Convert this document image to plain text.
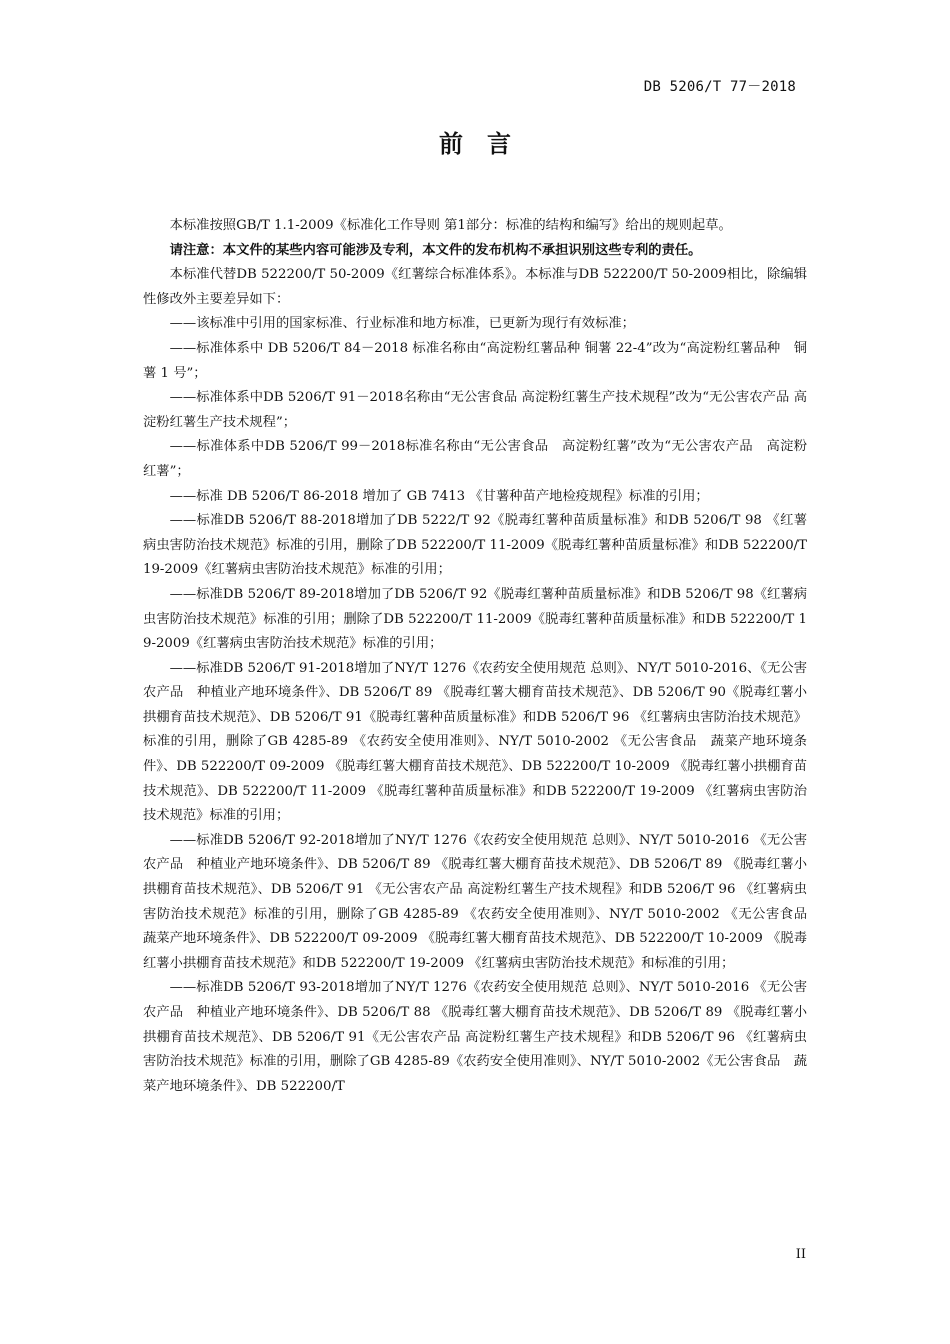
DB 5206/T 77－2018
前言

本标准按照GB/T 1.1-2009《标准化工作导则 第1部分：标准的结构和编写》给出的规则起草。

请注意：本文件的某些内容可能涉及专利，本文件的发布机构不承担识别这些专利的责任。

本标准代替DB 522200/T 50-2009《红薯综合标准体系》。本标准与DB 522200/T 50-2009相比，除编辑性修改外主要差异如下：

——该标准中引用的国家标准、行业标准和地方标准，已更新为现行有效标准；

——标准体系中 DB 5206/T 84－2018 标准名称由“高淀粉红薯品种 铜薯 22-4”改为“高淀粉红薯品种　铜薯 1 号”；

——标准体系中DB 5206/T 91－2018名称由“无公害食品 高淀粉红薯生产技术规程”改为“无公害农产品 高淀粉红薯生产技术规程”；

——标准体系中DB 5206/T 99－2018标准名称由“无公害食品　高淀粉红薯”改为“无公害农产品　高淀粉红薯”；

——标准 DB 5206/T 86-2018 增加了 GB 7413 《甘薯种苗产地检疫规程》标准的引用；

——标准DB 5206/T 88-2018增加了DB 5222/T 92《脱毒红薯种苗质量标准》和DB 5206/T 98 《红薯病虫害防治技术规范》标准的引用，删除了DB 522200/T 11-2009《脱毒红薯种苗质量标准》和DB 522200/T 19-2009《红薯病虫害防治技术规范》标准的引用；

——标准DB 5206/T 89-2018增加了DB 5206/T 92《脱毒红薯种苗质量标准》和DB 5206/T 98《红薯病虫害防治技术规范》标准的引用；删除了DB 522200/T 11-2009《脱毒红薯种苗质量标准》和DB 522200/T 19-2009《红薯病虫害防治技术规范》标准的引用；

——标准DB 5206/T 91-2018增加了NY/T 1276《农药安全使用规范 总则》、NY/T 5010-2016、《无公害农产品　种植业产地环境条件》、DB 5206/T 89 《脱毒红薯大棚育苗技术规范》、DB 5206/T 90《脱毒红薯小拱棚育苗技术规范》、DB 5206/T 91《脱毒红薯种苗质量标准》和DB 5206/T 96 《红薯病虫害防治技术规范》标准的引用，删除了GB 4285-89 《农药安全使用准则》、NY/T 5010-2002 《无公害食品　蔬菜产地环境条件》、DB 522200/T 09-2009 《脱毒红薯大棚育苗技术规范》、DB 522200/T 10-2009 《脱毒红薯小拱棚育苗技术规范》、DB 522200/T 11-2009 《脱毒红薯种苗质量标准》和DB 522200/T 19-2009 《红薯病虫害防治技术规范》标准的引用；

——标准DB 5206/T 92-2018增加了NY/T 1276《农药安全使用规范 总则》、NY/T 5010-2016 《无公害农产品　种植业产地环境条件》、DB 5206/T 89 《脱毒红薯大棚育苗技术规范》、DB 5206/T 89 《脱毒红薯小拱棚育苗技术规范》、DB 5206/T 91 《无公害农产品 高淀粉红薯生产技术规程》和DB 5206/T 96 《红薯病虫害防治技术规范》标准的引用，删除了GB 4285-89 《农药安全使用准则》、NY/T 5010-2002 《无公害食品　蔬菜产地环境条件》、DB 522200/T 09-2009 《脱毒红薯大棚育苗技术规范》、DB 522200/T 10-2009 《脱毒红薯小拱棚育苗技术规范》和DB 522200/T 19-2009 《红薯病虫害防治技术规范》和标准的引用；

——标准DB 5206/T 93-2018增加了NY/T 1276《农药安全使用规范 总则》、NY/T 5010-2016 《无公害农产品　种植业产地环境条件》、DB 5206/T 88 《脱毒红薯大棚育苗技术规范》、DB 5206/T 89 《脱毒红薯小拱棚育苗技术规范》、DB 5206/T 91《无公害农产品 高淀粉红薯生产技术规程》和DB 5206/T 96 《红薯病虫害防治技术规范》标准的引用，删除了GB 4285-89《农药安全使用准则》、NY/T 5010-2002《无公害食品　蔬菜产地环境条件》、DB 522200/T

II
